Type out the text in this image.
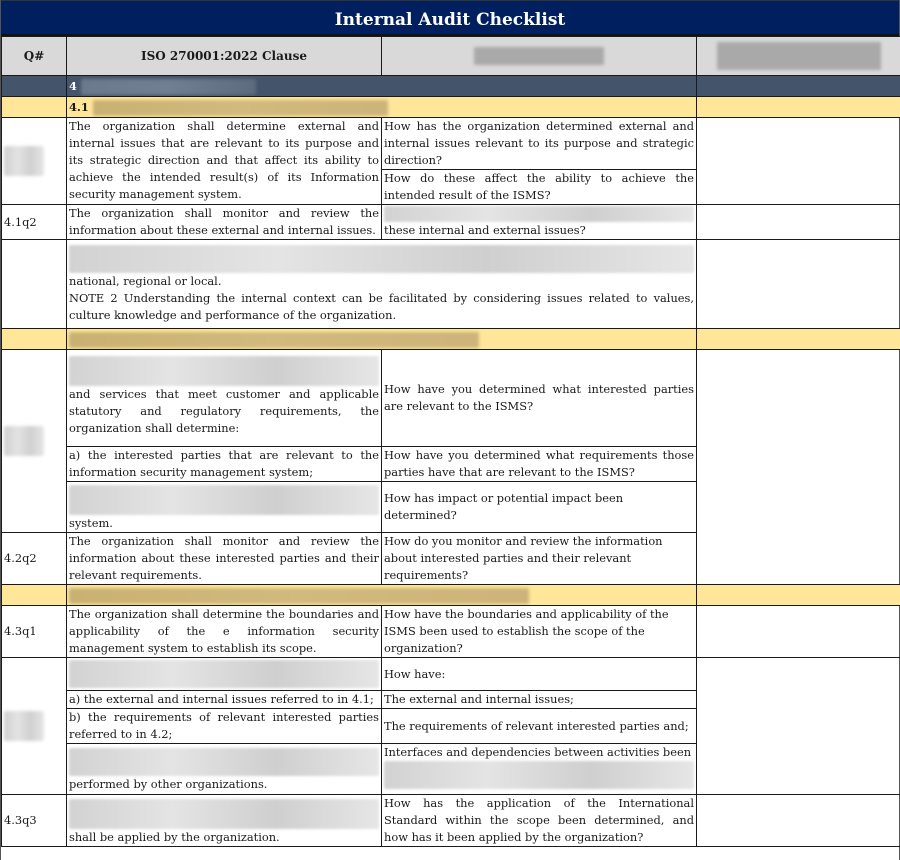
Internal Audit Checklist
Q#	ISO 270001:2022 Clause		
	4		
	4.1		
	The organization shall determine external and internal issues that are relevant to its purpose and its strategic direction and that affect its ability to achieve the intended result(s) of its Information security management system.	How has the organization determined external and internal issues relevant to its purpose and strategic direction?	
		How do these affect the ability to achieve the intended result of the ISMS?	
4.1q2	The organization shall monitor and review the information about these external and internal issues.	these internal and external issues?	

	national, regional or local.
NOTE 2 Understanding the internal context can be facilitated by considering issues related to values, culture knowledge and performance of the organization.		

and services that meet customer and applicable statutory and regulatory requirements, the organization shall determine:	How have you determined what interested parties are relevant to the ISMS?	
	a) the interested parties that are relevant to the information security management system;	How have you determined what requirements those parties have that are relevant to the ISMS?	

system.	How has impact or potential impact been determined?	
4.2q2	The organization shall monitor and review the information about these interested parties and their relevant requirements.	How do you monitor and review the information about interested parties and their relevant requirements?	

4.3q1	The organization shall determine the boundaries and applicability of the e information security management system to establish its scope.	How have the boundaries and applicability of the ISMS been used to establish the scope of the organization?	

	How have:	
	a) the external and internal issues referred to in 4.1;	The external and internal issues;	
	b) the requirements of relevant interested parties referred to in 4.2;	The requirements of relevant interested parties and;	

performed by other organizations.	Interfaces and dependencies between activities been	

4.3q3	shall be applied by the organization.	How has the application of the International Standard within the scope been determined, and how has it been applied by the organization?	
